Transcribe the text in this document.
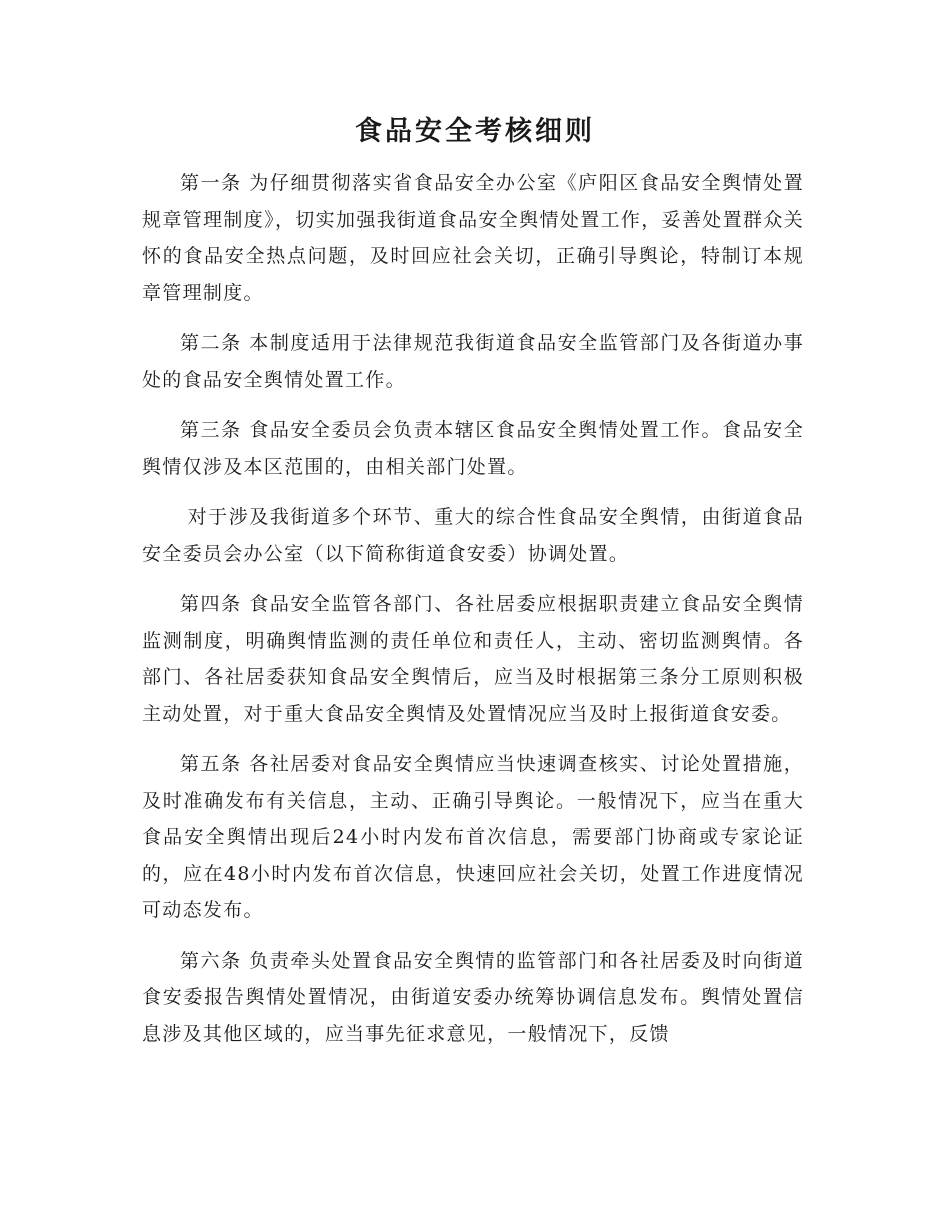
食品安全考核细则

第一条 为仔细贯彻落实省食品安全办公室《庐阳区食品安全舆情处置规章管理制度》，切实加强我街道食品安全舆情处置工作，妥善处置群众关怀的食品安全热点问题，及时回应社会关切，正确引导舆论，特制订本规章管理制度。

第二条 本制度适用于法律规范我街道食品安全监管部门及各街道办事处的食品安全舆情处置工作。

第三条 食品安全委员会负责本辖区食品安全舆情处置工作。食品安全舆情仅涉及本区范围的，由相关部门处置。

对于涉及我街道多个环节、重大的综合性食品安全舆情，由街道食品安全委员会办公室（以下简称街道食安委）协调处置。

第四条 食品安全监管各部门、各社居委应根据职责建立食品安全舆情监测制度，明确舆情监测的责任单位和责任人，主动、密切监测舆情。各部门、各社居委获知食品安全舆情后，应当及时根据第三条分工原则积极主动处置，对于重大食品安全舆情及处置情况应当及时上报街道食安委。

第五条 各社居委对食品安全舆情应当快速调查核实、讨论处置措施，及时准确发布有关信息，主动、正确引导舆论。一般情况下，应当在重大食品安全舆情出现后24小时内发布首次信息，需要部门协商或专家论证的，应在48小时内发布首次信息，快速回应社会关切，处置工作进度情况可动态发布。

第六条 负责牵头处置食品安全舆情的监管部门和各社居委及时向街道食安委报告舆情处置情况，由街道安委办统筹协调信息发布。舆情处置信息涉及其他区域的，应当事先征求意见，一般情况下，反馈
